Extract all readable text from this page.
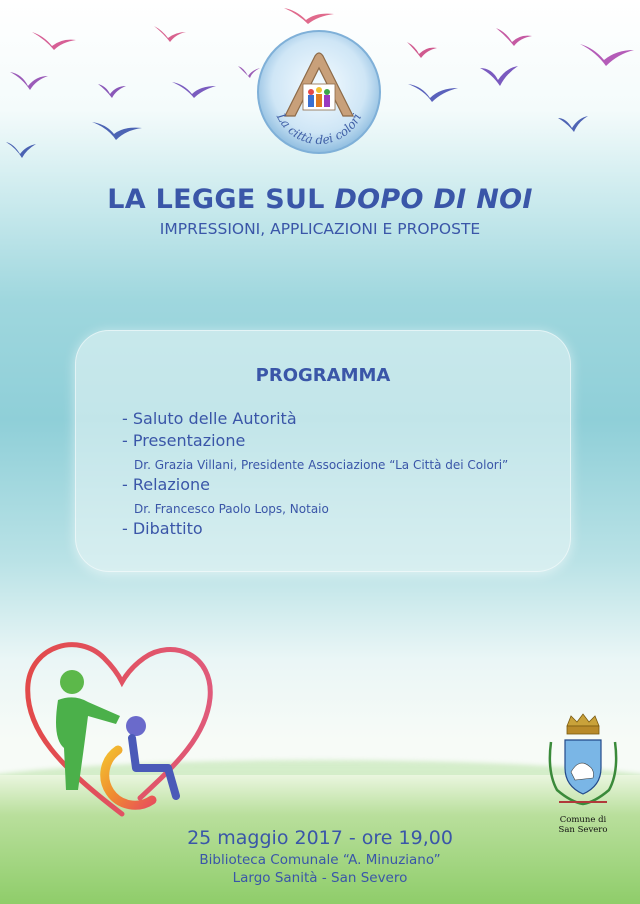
La città dei colori
LA LEGGE SUL DOPO DI NOI
IMPRESSIONI, APPLICAZIONI E PROPOSTE
PROGRAMMA
- Saluto delle Autorità
- Presentazione
Dr. Grazia Villani, Presidente Associazione “La Città dei Colori”
- Relazione
Dr. Francesco Paolo Lops, Notaio
- Dibattito
Comune di
San Severo
25 maggio 2017 - ore 19,00
Biblioteca Comunale “A. Minuziano”
Largo Sanità - San Severo
